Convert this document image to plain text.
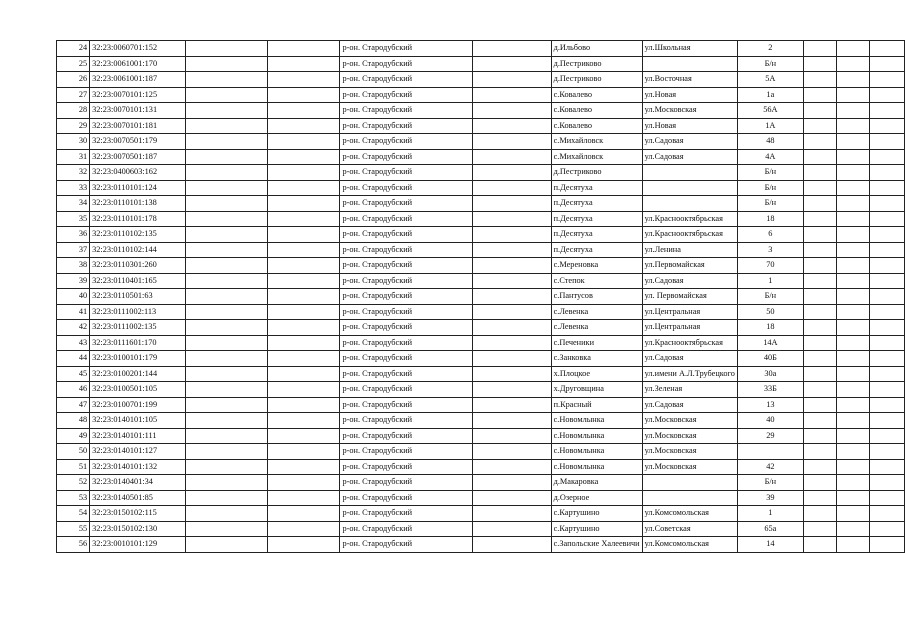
24	32:23:0060701:152			р-он. Стародубский		д.Ильбово	ул.Школьная	2			
25	32:23:0061001:170			р-он. Стародубский		д.Пестриково		Б/н			
26	32:23:0061001:187			р-он. Стародубский		д.Пестриково	ул.Восточная	5А			
27	32:23:0070101:125			р-он. Стародубский		с.Ковалево	ул.Новая	1а			
28	32:23:0070101:131			р-он. Стародубский		с.Ковалево	ул.Московская	56А			
29	32:23:0070101:181			р-он. Стародубский		с.Ковалево	ул.Новая	1А			
30	32:23:0070501:179			р-он. Стародубский		с.Михайловск	ул.Садовая	48			
31	32:23:0070501:187			р-он. Стародубский		с.Михайловск	ул.Садовая	4А			
32	32:23:0400603:162			р-он. Стародубский		д.Пестриково		Б/н			
33	32:23:0110101:124			р-он. Стародубский		п.Десятуха		Б/н			
34	32:23:0110101:138			р-он. Стародубский		п.Десятуха		Б/н			
35	32:23:0110101:178			р-он. Стародубский		п.Десятуха	ул.Краснооктябрьская	18			
36	32:23:0110102:135			р-он. Стародубский		п.Десятуха	ул.Краснооктябрьская	6			
37	32:23:0110102:144			р-он. Стародубский		п.Десятуха	ул.Ленина	3			
38	32:23:0110301:260			р-он. Стародубский		с.Мереновка	ул.Первомайская	70			
39	32:23:0110401:165			р-он. Стародубский		с.Степок	ул.Садовая	1			
40	32:23:0110501:63			р-он. Стародубский		с.Пантусов	ул. Первомайская	Б/н			
41	32:23:0111002:113			р-он. Стародубский		с.Левенка	ул.Центральная	50			
42	32:23:0111002:135			р-он. Стародубский		с.Левенка	ул.Центральная	18			
43	32:23:0111601:170			р-он. Стародубский		с.Печеники	ул.Краснооктябрьская	14А			
44	32:23:0100101:179			р-он. Стародубский		с.Занковка	ул.Садовая	40Б			
45	32:23:0100201:144			р-он. Стародубский		х.Плоцкое	ул.имени А.Л.Трубецкого	30а			
46	32:23:0100501:105			р-он. Стародубский		х.Друговщина	ул.Зеленая	33Б			
47	32:23:0100701:199			р-он. Стародубский		п.Красный	ул.Садовая	13			
48	32:23:0140101:105			р-он. Стародубский		с.Новомлынка	ул.Московская	40			
49	32:23:0140101:111			р-он. Стародубский		с.Новомлынка	ул.Московская	29			
50	32:23:0140101:127			р-он. Стародубский		с.Новомлынка	ул.Московская				
51	32:23:0140101:132			р-он. Стародубский		с.Новомлынка	ул.Московская	42			
52	32:23:0140401:34			р-он. Стародубский		д.Макаровка		Б/н			
53	32:23:0140501:85			р-он. Стародубский		д.Озерное		39			
54	32:23:0150102:115			р-он. Стародубский		с.Картушино	ул.Комсомольская	1			
55	32:23:0150102:130			р-он. Стародубский		с.Картушино	ул.Советская	65а			
56	32:23:0010101:129			р-он. Стародубский		с.Запольские Халеевичи	ул.Комсомольская	14			
